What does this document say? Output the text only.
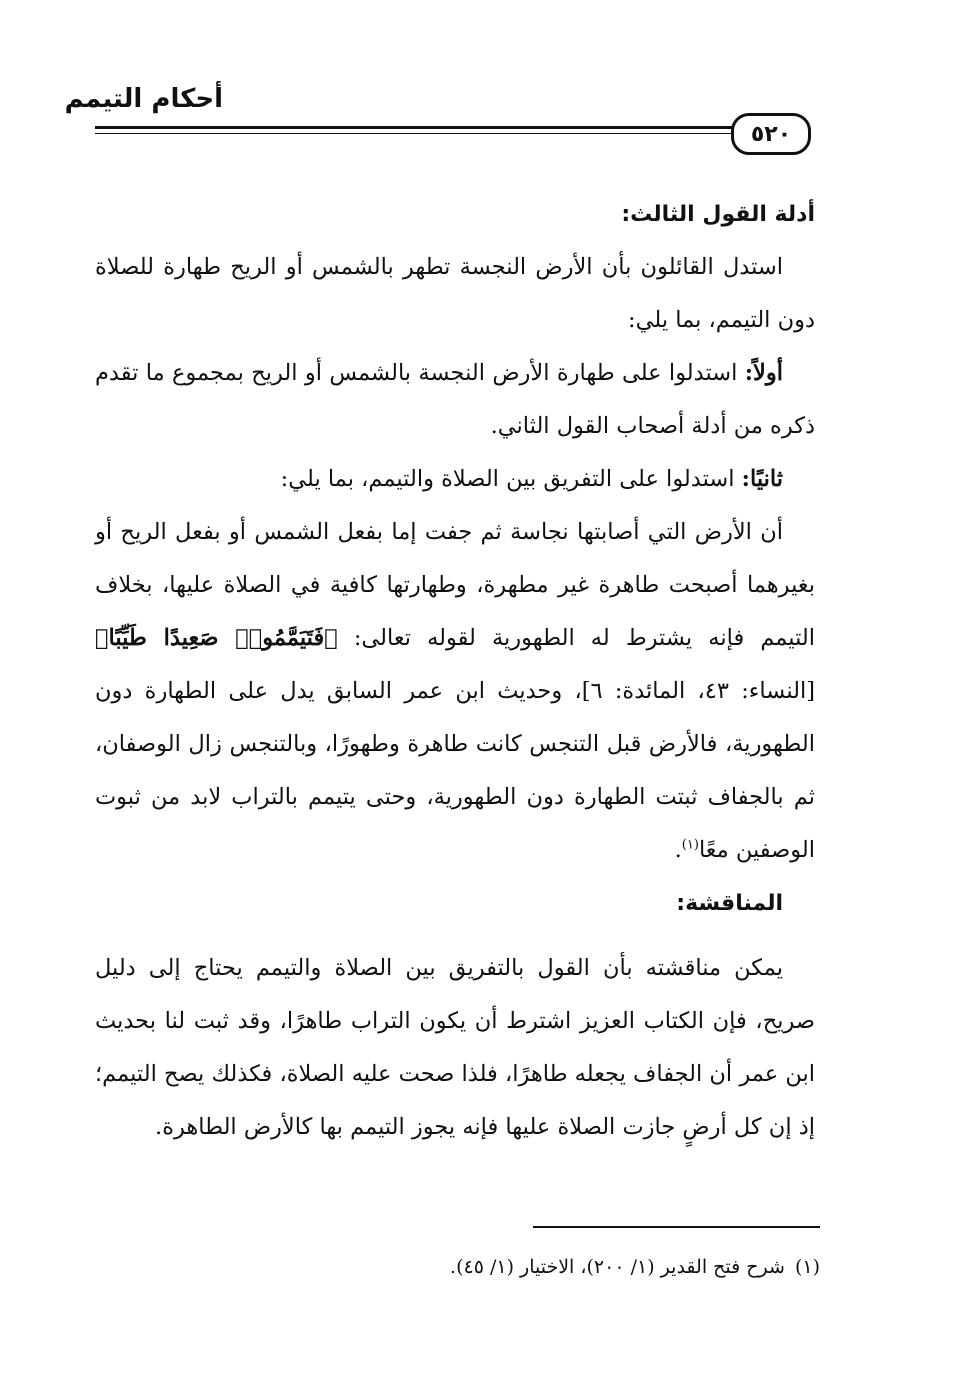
أحكام التيمم
٥٢٠

أدلة القول الثالث:

استدل القائلون بأن الأرض النجسة تطهر بالشمس أو الريح طهارة للصلاة دون التيمم، بما يلي:

أولاً: استدلوا على طهارة الأرض النجسة بالشمس أو الريح بمجموع ما تقدم ذكره من أدلة أصحاب القول الثاني.

ثانيًا: استدلوا على التفريق بين الصلاة والتيمم، بما يلي:

أن الأرض التي أصابتها نجاسة ثم جفت إما بفعل الشمس أو بفعل الريح أو بغيرهما أصبحت طاهرة غير مطهرة، وطهارتها كافية في الصلاة عليها، بخلاف التيمم فإنه يشترط له الطهورية لقوله تعالى: ﴿فَتَيَمَّمُوا۟ صَعِيدًا طَيِّبًا﴾ [النساء: ٤٣، المائدة: ٦]، وحديث ابن عمر السابق يدل على الطهارة دون الطهورية، فالأرض قبل التنجس كانت طاهرة وطهورًا، وبالتنجس زال الوصفان، ثم بالجفاف ثبتت الطهارة دون الطهورية، وحتى يتيمم بالتراب لابد من ثبوت الوصفين معًا$^{(١)}$.

المناقشة:

يمكن مناقشته بأن القول بالتفريق بين الصلاة والتيمم يحتاج إلى دليل صريح، فإن الكتاب العزيز اشترط أن يكون التراب طاهرًا، وقد ثبت لنا بحديث ابن عمر أن الجفاف يجعله طاهرًا، فلذا صحت عليه الصلاة، فكذلك يصح التيمم؛ إذ إن كل أرضٍ جازت الصلاة عليها فإنه يجوز التيمم بها كالأرض الطاهرة.

(١)شرح فتح القدير (١/ ٢٠٠)، الاختيار (١/ ٤٥).
